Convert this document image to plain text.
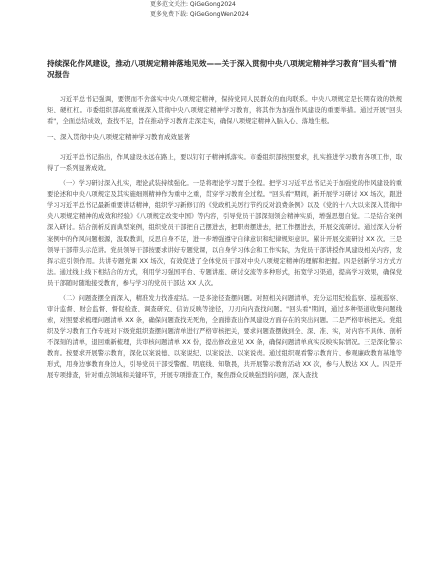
更多范文关注: QiGeGong2024
更多免费下载: QiGeGongWen2024
持续深化作风建设，推动八项规定精神落地见效——关于深入贯彻中央八项规定精神学习教育"回头看"情况报告

习近平总书记强调，要锲而不舍落实中央八项规定精神，保持党同人民群众的血肉联系。中央八项规定是长期有效的铁规矩、硬杠杠。市委组织部高度重视深入贯彻中央八项规定精神学习教育，将其作为加强作风建设的重要举措。通过开展"回头看"，全面总结成效，查找不足，旨在推动学习教育走深走实，确保八项规定精神入脑入心、落地生根。

一、深入贯彻中央八项规定精神学习教育成效显著

习近平总书记指出，作风建设永远在路上，要以钉钉子精神抓落实。市委组织部按照要求，扎实推进学习教育各项工作，取得了一系列显著成效。

（一）学习研讨深入扎实，理论武装持续强化。一是将理论学习置于全程。把学习习近平总书记关于加强党的作风建设的重要论述和中央八项规定及其实施细则精神作为重中之重，贯穿学习教育全过程。"回头看"期间，新开展学习研讨 XX 场次，跟进学习习近平总书记最新重要讲话精神，组织学习新修订的《党政机关厉行节约反对浪费条例》以及《党的十八大以来深入贯彻中央八项规定精神的成效和经验》《八项规定改变中国》等内容，引导党员干部深刻领会精神实质，增强思想自觉。二是结合案例深入研讨。结合剖析反面典型案例，组织党员干部把自己摆进去，把职责摆进去，把工作摆进去，开展交流研讨。通过深入分析案例中的作风问题根源，汲取教训，反思自身不足，进一步增强遵守自律意识和纪律规矩意识。累计开展交流研讨 XX 次。三是领导干部带头示范讲。党员领导干部按要求讲好专题党课，以自身学习体会和工作实际，为党员干部讲授作风建设相关内容，发挥示范引领作用。共讲专题党课 XX 场次，有效促进了全体党员干部对中央八项规定精神的理解和把握。四是创新学习方式方法。通过线上线下相结合的方式，利用学习强国平台、专题讲座、研讨交流等多种形式，拓宽学习渠道，提高学习效果，确保党员干部随时随地接受教育，参与学习的党员干部达 XX 人次。

（二）问题查摆全面深入，精准发力找准症结。一是多途径查摆问题。对照相关问题清单，充分运用纪检监察、巡视巡察、审计监督、财会监督、督促检查、调查研究、信访反映等途径，刀刃向内查找问题。"回头看"期间，通过多种渠道收集问题线索，对照要求梳理问题清单 XX 条，确保问题查找无死角，全面排查出作风建设方面存在的突出问题。二是严格审核把关。党组织及学习教育工作专班对下级党组织查摆问题清单进行严格审核把关，要求问题查摆做到全、深、准、实，对内容不具体、剖析不深刻的清单，退回重新梳理，共审核问题清单 XX 份，提出修改意见 XX 条，确保问题清单真实反映实际情况。三是深化警示教育。按要求开展警示教育，深化以案说德、以案说纪、以案说法、以案说责。通过组织观看警示教育片、参观廉政教育基地等形式，用身边事教育身边人，引导党员干部受警醒、明底线、知敬畏，共开展警示教育活动 XX 次，参与人数达 XX 人。四是开展专项排查，针对重点领域和关键环节，开展专项排查工作，聚焦群众反映强烈的问题，深入查找
